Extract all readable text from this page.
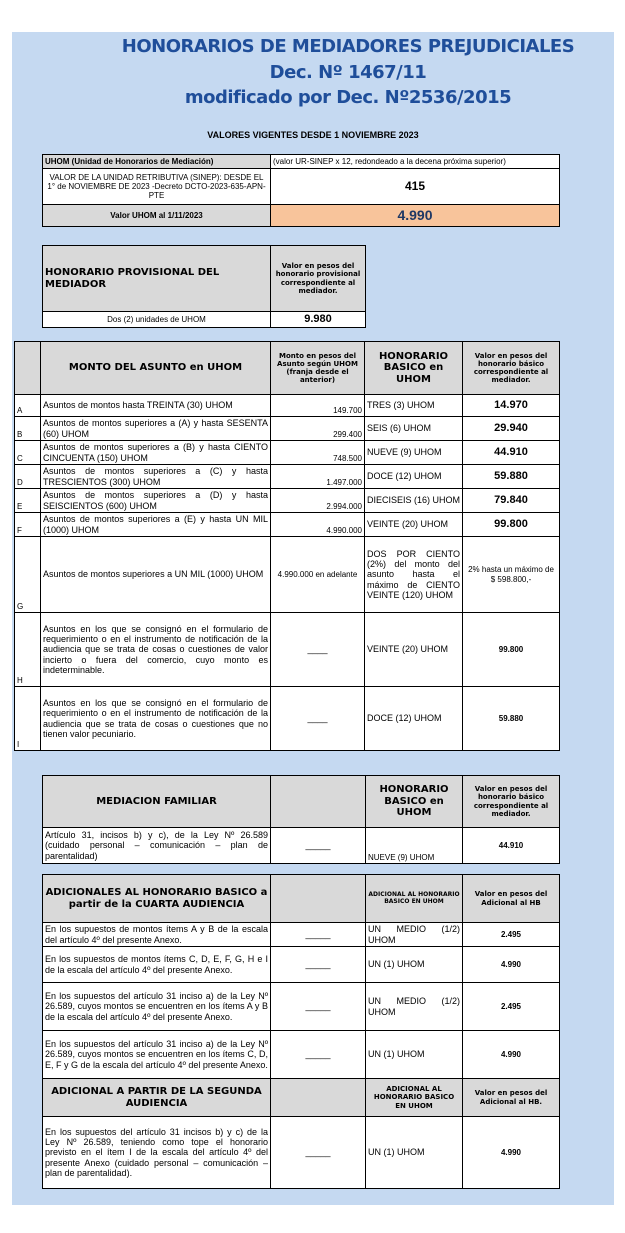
HONORARIOS DE MEDIADORES PREJUDICIALES
Dec. Nº 1467/11
modificado por Dec. Nº2536/2015
VALORES VIGENTES DESDE 1 NOVIEMBRE 2023
UHOM (Unidad de Honorarios de Mediación)	(valor UR-SINEP x 12, redondeado a la decena próxima superior)
VALOR DE LA UNIDAD RETRIBUTIVA (SINEP): DESDE EL 1° de NOVIEMBRE DE 2023 -Decreto DCTO-2023-635-APN-PTE	415
Valor UHOM al 1/11/2023	4.990
HONORARIO PROVISIONAL DEL MEDIADOR	Valor en pesos del honorario provisional correspondiente al mediador.
Dos (2) unidades de UHOM	9.980
	MONTO DEL ASUNTO en UHOM	Monto en pesos del Asunto según UHOM (franja desde el anterior)	HONORARIO BASICO en UHOM	Valor en pesos del honorario básico correspondiente al mediador.
A	Asuntos de montos hasta TREINTA (30) UHOM	149.700	TRES (3) UHOM	14.970
B	Asuntos de montos superiores a (A) y hasta SESENTA (60) UHOM	299.400	SEIS (6) UHOM	29.940
C	Asuntos de montos superiores a (B) y hasta CIENTO CINCUENTA (150) UHOM	748.500	NUEVE (9) UHOM	44.910
D	Asuntos de montos superiores a (C) y hasta TRESCIENTOS (300) UHOM	1.497.000	DOCE (12) UHOM	59.880
E	Asuntos de montos superiores a (D) y hasta SEISCIENTOS (600) UHOM	2.994.000	DIECISEIS (16) UHOM	79.840
F	Asuntos de montos superiores a (E) y hasta UN MIL (1000) UHOM	4.990.000	VEINTE (20) UHOM	99.800
G	Asuntos de montos superiores a UN MIL (1000) UHOM	4.990.000 en adelante	DOS POR CIENTO (2%) del monto del asunto hasta el máximo de CIENTO VEINTE (120) UHOM	2% hasta un máximo de $ 598.800,-
H	Asuntos en los que se consignó en el formulario de requerimiento o en el instrumento de notificación de la audiencia que se trata de cosas o cuestiones de valor incierto o fuera del comercio, cuyo monto es indeterminable.	____	VEINTE (20) UHOM	99.800
I	Asuntos en los que se consignó en el formulario de requerimiento o en el instrumento de notificación de la audiencia que se trata de cosas o cuestiones que no tienen valor pecuniario.	____	DOCE (12) UHOM	59.880
MEDIACION FAMILIAR		HONORARIO BASICO en UHOM	Valor en pesos del honorario básico correspondiente al mediador.
Artículo 31, incisos b) y c), de la Ley Nº 26.589 (cuidado personal – comunicación – plan de parentalidad)	_____	NUEVE (9) UHOM	44.910
ADICIONALES AL HONORARIO BASICO a partir de la CUARTA AUDIENCIA		ADICIONAL AL HONORARIO BASICO EN UHOM	Valor en pesos del Adicional al HB
En los supuestos de montos ítems A y B de la escala del artículo 4º del presente Anexo.	_____	UN MEDIO (1/2) UHOM	2.495
En los supuestos de montos ítems C, D, E, F, G, H e I de la escala del artículo 4º del presente Anexo.	_____	UN (1) UHOM	4.990
En los supuestos del artículo 31 inciso a) de la Ley Nº 26.589, cuyos montos se encuentren en los ítems A y B de la escala del artículo 4º del presente Anexo.	_____	UN MEDIO (1/2) UHOM	2.495
En los supuestos del artículo 31 inciso a) de la Ley Nº 26.589, cuyos montos se encuentren en los ítems C, D, E, F y G de la escala del artículo 4º del presente Anexo.	_____	UN (1) UHOM	4.990
ADICIONAL A PARTIR DE LA SEGUNDA AUDIENCIA		ADICIONAL AL HONORARIO BASICO EN UHOM	Valor en pesos del Adicional al HB.
En los supuestos del artículo 31 incisos b) y c) de la Ley Nº 26.589, teniendo como tope el honorario previsto en el ítem I de la escala del artículo 4º del presente Anexo (cuidado personal – comunicación – plan de parentalidad).	_____	UN (1) UHOM	4.990
